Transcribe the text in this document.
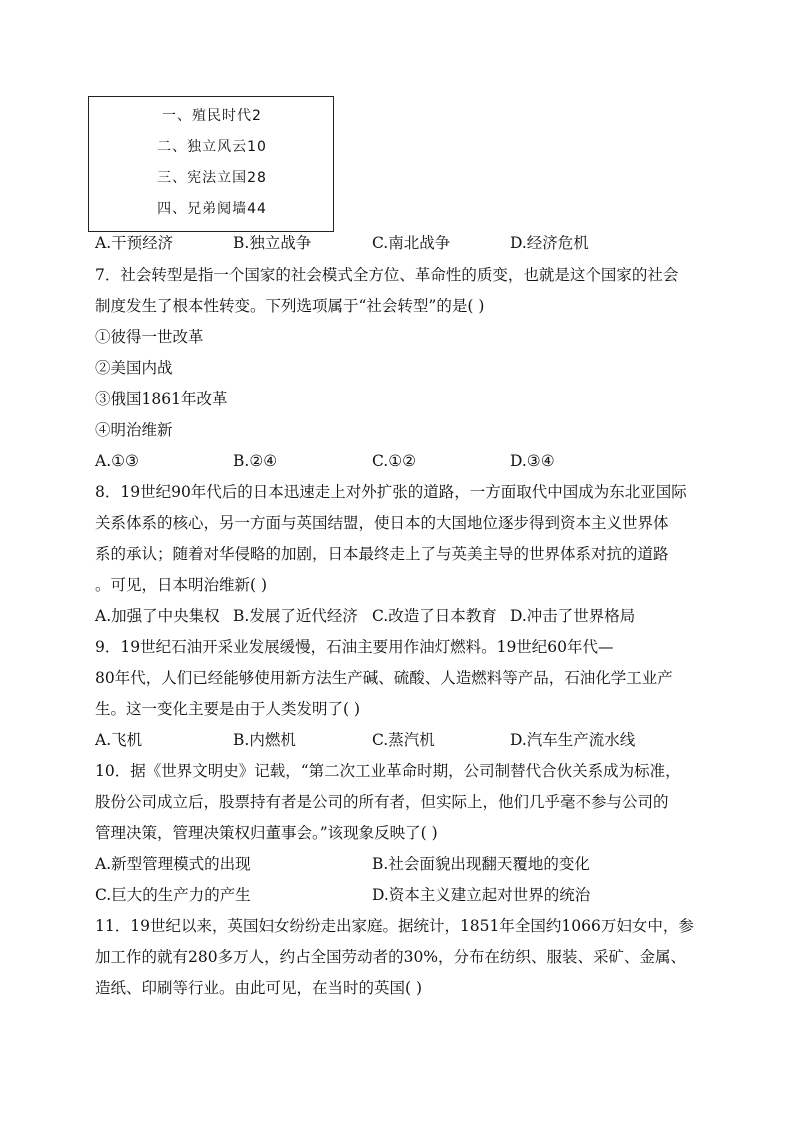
一、殖民时代2
二、独立风云10
三、宪法立国28
四、兄弟阋墙44
A.干预经济	B.独立战争	C.南北战争	D.经济危机
7．社会转型是指一个国家的社会模式全方位、革命性的质变，也就是这个国家的社会
制度发生了根本性转变。下列选项属于“社会转型”的是( )
①彼得一世改革
②美国内战
③俄国1861年改革
④明治维新
A.①③	B.②④	C.①②	D.③④
8．19世纪90年代后的日本迅速走上对外扩张的道路，一方面取代中国成为东北亚国际
关系体系的核心，另一方面与英国结盟，使日本的大国地位逐步得到资本主义世界体
系的承认；随着对华侵略的加剧，日本最终走上了与英美主导的世界体系对抗的道路
。可见，日本明治维新( )
A.加强了中央集权 B.发展了近代经济 C.改造了日本教育 D.冲击了世界格局
9．19世纪石油开采业发展缓慢，石油主要用作油灯燃料。19世纪60年代—
80年代，人们已经能够使用新方法生产碱、硫酸、人造燃料等产品，石油化学工业产
生。这一变化主要是由于人类发明了( )
A.飞机	B.内燃机	C.蒸汽机	D.汽车生产流水线
10．据《世界文明史》记载，“第二次工业革命时期，公司制替代合伙关系成为标准，
股份公司成立后，股票持有者是公司的所有者，但实际上，他们几乎毫不参与公司的
管理决策，管理决策权归董事会。”该现象反映了( )
A.新型管理模式的出现	B.社会面貌出现翻天覆地的变化
C.巨大的生产力的产生	D.资本主义建立起对世界的统治
11．19世纪以来，英国妇女纷纷走出家庭。据统计，1851年全国约1066万妇女中，参
加工作的就有280多万人，约占全国劳动者的30%，分布在纺织、服装、采矿、金属、
造纸、印刷等行业。由此可见，在当时的英国( )
